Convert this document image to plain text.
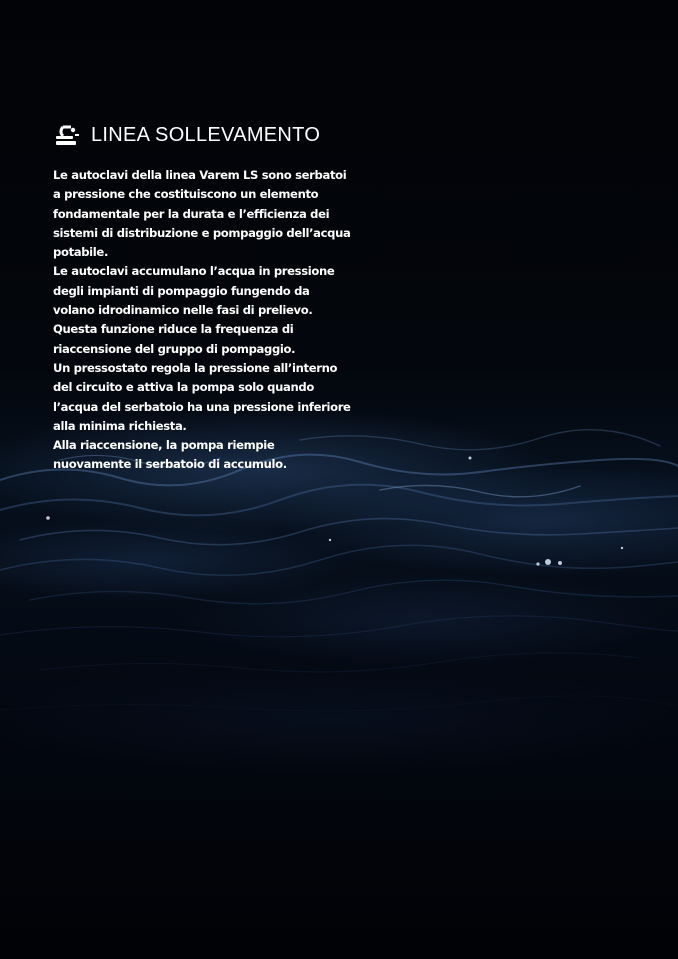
LINEA SOLLEVAMENTO

Le autoclavi della linea Varem LS sono serbatoi a pressione che costituiscono un elemento fondamentale per la durata e l’efficienza dei sistemi di distribuzione e pompaggio dell’acqua potabile.

Le autoclavi accumulano l’acqua in pressione degli impianti di pompaggio fungendo da volano idrodinamico nelle fasi di prelievo.

Questa funzione riduce la frequenza di riaccensione del gruppo di pompaggio.

Un pressostato regola la pressione all’interno del circuito e attiva la pompa solo quando l’acqua del serbatoio ha una pressione inferiore alla minima richiesta.

Alla riaccensione, la pompa riempie nuovamente il serbatoio di accumulo.
